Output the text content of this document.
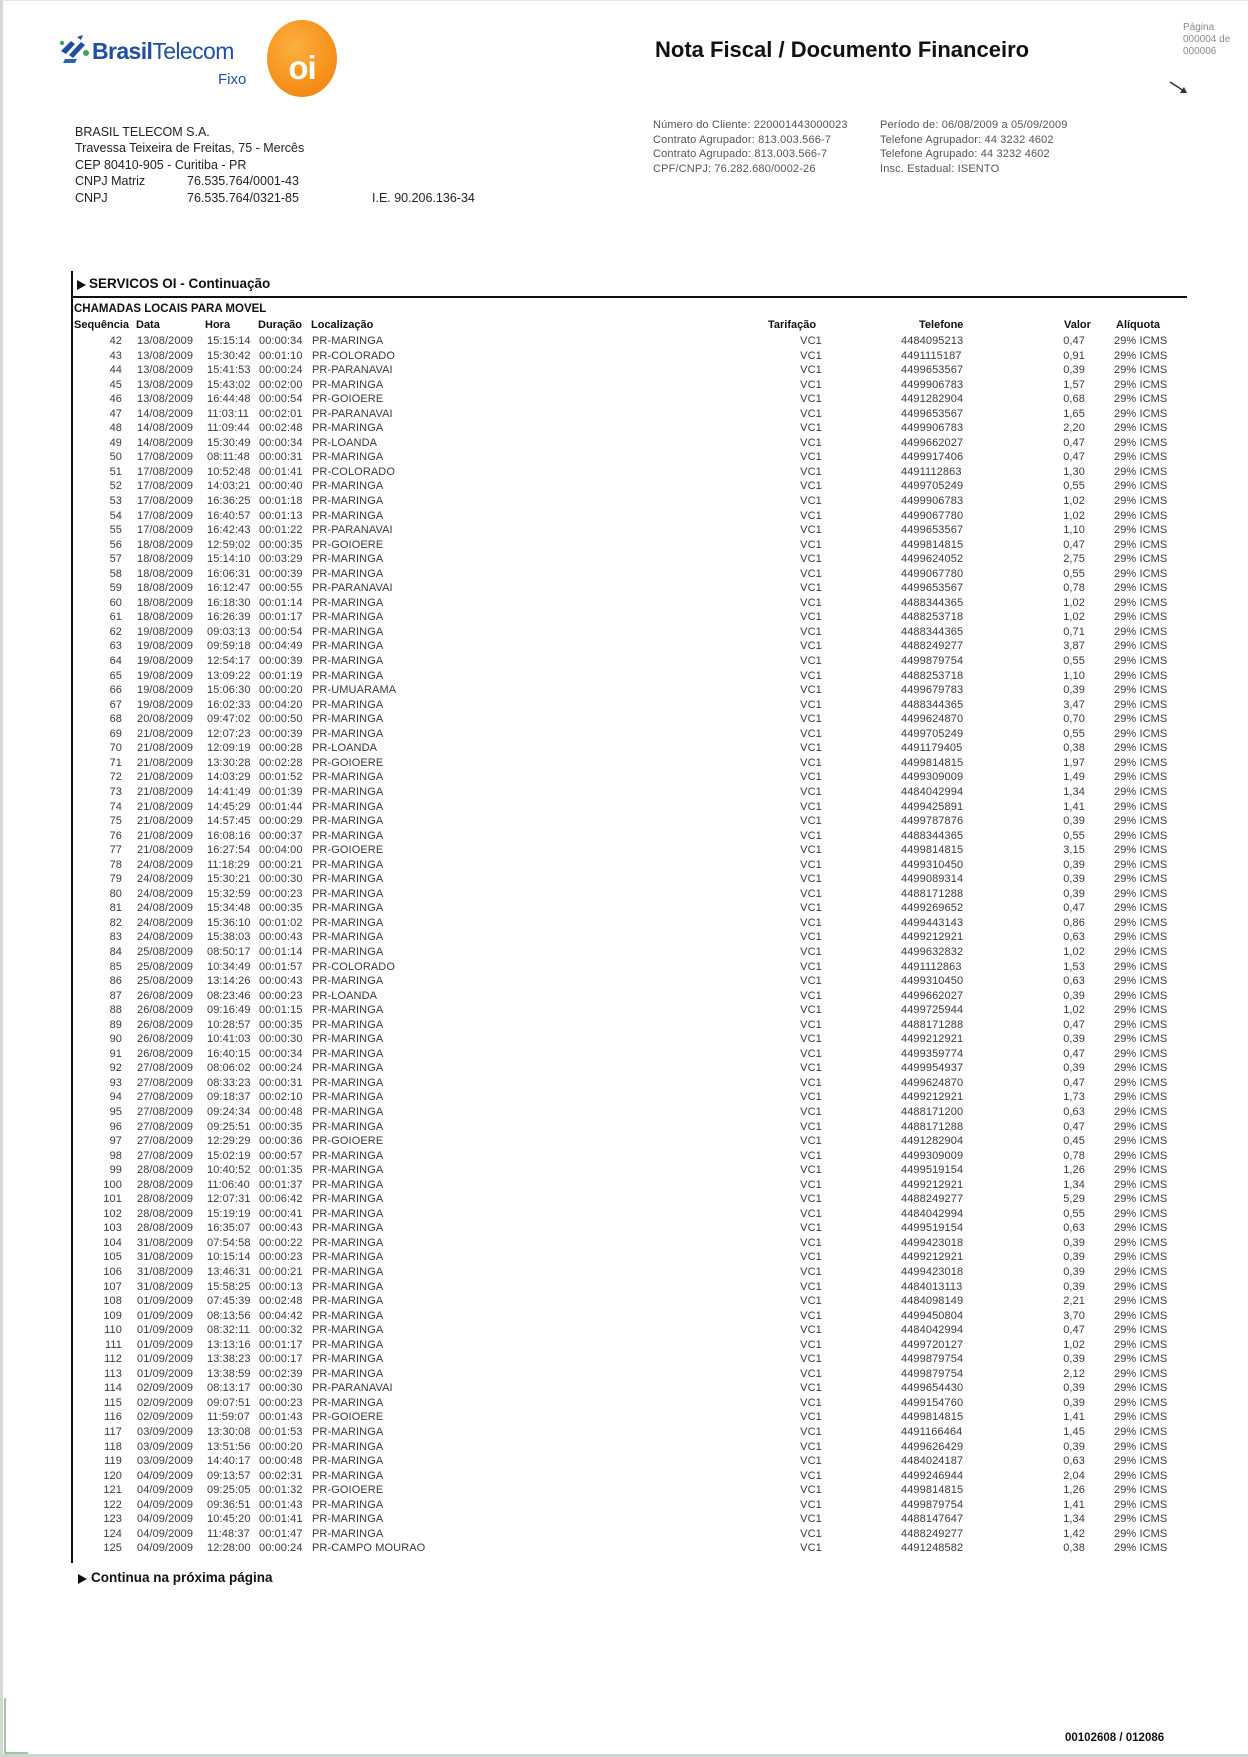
BrasilTelecom
Fixo	oi	Nota Fiscal / Documento Financeiro
Página
000004 de
000006
BRASIL TELECOM S.A.
Travessa Teixeira de Freitas, 75 - Mercês
CEP 80410-905 - Curitiba - PR
CNPJ Matriz	76.535.764/0001-43
CNPJ	76.535.764/0321-85	I.E. 90.206.136-34
Número do Cliente: 220001443000023
Contrato Agrupador: 813.003.566-7
Contrato Agrupado: 813.003.566-7
CPF/CNPJ: 76.282.680/0002-26
Período de: 06/08/2009 a 05/09/2009
Telefone Agrupador: 44 3232 4602
Telefone Agrupado: 44 3232 4602
Insc. Estadual: ISENTO
SERVICOS OI - Continuação
CHAMADAS LOCAIS PARA MOVEL
Sequência Data	Hora	Duração Localização	Tarifação	Telefone	Valor Alíquota
42 13/08/2009 15:15:14 00:00:34 PR-MARINGA	VC1	4484095213	0,47	29% ICMS
43 13/08/2009 15:30:42 00:01:10 PR-COLORADO	VC1	4491115187	0,91	29% ICMS
44 13/08/2009 15:41:53 00:00:24 PR-PARANAVAI	VC1	4499653567	0,39	29% ICMS
45 13/08/2009 15:43:02 00:02:00 PR-MARINGA	VC1	4499906783	1,57	29% ICMS
46 13/08/2009 16:44:48 00:00:54 PR-GOIOERE	VC1	4491282904	0,68	29% ICMS
47 14/08/2009 11:03:11 00:02:01 PR-PARANAVAI	VC1	4499653567	1,65	29% ICMS
48 14/08/2009 11:09:44 00:02:48 PR-MARINGA	VC1	4499906783	2,20	29% ICMS
49 14/08/2009 15:30:49 00:00:34 PR-LOANDA	VC1	4499662027	0,47	29% ICMS
50 17/08/2009 08:11:48 00:00:31 PR-MARINGA	VC1	4499917406	0,47	29% ICMS
51 17/08/2009 10:52:48 00:01:41 PR-COLORADO	VC1	4491112863	1,30	29% ICMS
52 17/08/2009 14:03:21 00:00:40 PR-MARINGA	VC1	4499705249	0,55	29% ICMS
53 17/08/2009 16:36:25 00:01:18 PR-MARINGA	VC1	4499906783	1,02	29% ICMS
54 17/08/2009 16:40:57 00:01:13 PR-MARINGA	VC1	4499067780	1,02	29% ICMS
55 17/08/2009 16:42:43 00:01:22 PR-PARANAVAI	VC1	4499653567	1,10	29% ICMS
56 18/08/2009 12:59:02 00:00:35 PR-GOIOERE	VC1	4499814815	0,47	29% ICMS
57 18/08/2009 15:14:10 00:03:29 PR-MARINGA	VC1	4499624052	2,75	29% ICMS
58 18/08/2009 16:06:31 00:00:39 PR-MARINGA	VC1	4499067780	0,55	29% ICMS
59 18/08/2009 16:12:47 00:00:55 PR-PARANAVAI	VC1	4499653567	0,78	29% ICMS
60 18/08/2009 16:18:30 00:01:14 PR-MARINGA	VC1	4488344365	1,02	29% ICMS
61 18/08/2009 16:26:39 00:01:17 PR-MARINGA	VC1	4488253718	1,02	29% ICMS
62 19/08/2009 09:03:13 00:00:54 PR-MARINGA	VC1	4488344365	0,71	29% ICMS
63 19/08/2009 09:59:18 00:04:49 PR-MARINGA	VC1	4488249277	3,87	29% ICMS
64 19/08/2009 12:54:17 00:00:39 PR-MARINGA	VC1	4499879754	0,55	29% ICMS
65 19/08/2009 13:09:22 00:01:19 PR-MARINGA	VC1	4488253718	1,10	29% ICMS
66 19/08/2009 15:06:30 00:00:20 PR-UMUARAMA	VC1	4499679783	0,39	29% ICMS
67 19/08/2009 16:02:33 00:04:20 PR-MARINGA	VC1	4488344365	3,47	29% ICMS
68 20/08/2009 09:47:02 00:00:50 PR-MARINGA	VC1	4499624870	0,70	29% ICMS
69 21/08/2009 12:07:23 00:00:39 PR-MARINGA	VC1	4499705249	0,55	29% ICMS
70 21/08/2009 12:09:19 00:00:28 PR-LOANDA	VC1	4491179405	0,38	29% ICMS
71 21/08/2009 13:30:28 00:02:28 PR-GOIOERE	VC1	4499814815	1,97	29% ICMS
72 21/08/2009 14:03:29 00:01:52 PR-MARINGA	VC1	4499309009	1,49	29% ICMS
73 21/08/2009 14:41:49 00:01:39 PR-MARINGA	VC1	4484042994	1,34	29% ICMS
74 21/08/2009 14:45:29 00:01:44 PR-MARINGA	VC1	4499425891	1,41	29% ICMS
75 21/08/2009 14:57:45 00:00:29 PR-MARINGA	VC1	4499787876	0,39	29% ICMS
76 21/08/2009 16:08:16 00:00:37 PR-MARINGA	VC1	4488344365	0,55	29% ICMS
77 21/08/2009 16:27:54 00:04:00 PR-GOIOERE	VC1	4499814815	3,15	29% ICMS
78 24/08/2009 11:18:29 00:00:21 PR-MARINGA	VC1	4499310450	0,39	29% ICMS
79 24/08/2009 15:30:21 00:00:30 PR-MARINGA	VC1	4499089314	0,39	29% ICMS
80 24/08/2009 15:32:59 00:00:23 PR-MARINGA	VC1	4488171288	0,39	29% ICMS
81 24/08/2009 15:34:48 00:00:35 PR-MARINGA	VC1	4499269652	0,47	29% ICMS
82 24/08/2009 15:36:10 00:01:02 PR-MARINGA	VC1	4499443143	0,86	29% ICMS
83 24/08/2009 15:38:03 00:00:43 PR-MARINGA	VC1	4499212921	0,63	29% ICMS
84 25/08/2009 08:50:17 00:01:14 PR-MARINGA	VC1	4499632832	1,02	29% ICMS
85 25/08/2009 10:34:49 00:01:57 PR-COLORADO	VC1	4491112863	1,53	29% ICMS
86 25/08/2009 13:14:26 00:00:43 PR-MARINGA	VC1	4499310450	0,63	29% ICMS
87 26/08/2009 08:23:46 00:00:23 PR-LOANDA	VC1	4499662027	0,39	29% ICMS
88 26/08/2009 09:16:49 00:01:15 PR-MARINGA	VC1	4499725944	1,02	29% ICMS
89 26/08/2009 10:28:57 00:00:35 PR-MARINGA	VC1	4488171288	0,47	29% ICMS
90 26/08/2009 10:41:03 00:00:30 PR-MARINGA	VC1	4499212921	0,39	29% ICMS
91 26/08/2009 16:40:15 00:00:34 PR-MARINGA	VC1	4499359774	0,47	29% ICMS
92 27/08/2009 08:06:02 00:00:24 PR-MARINGA	VC1	4499954937	0,39	29% ICMS
93 27/08/2009 08:33:23 00:00:31 PR-MARINGA	VC1	4499624870	0,47	29% ICMS
94 27/08/2009 09:18:37 00:02:10 PR-MARINGA	VC1	4499212921	1,73	29% ICMS
95 27/08/2009 09:24:34 00:00:48 PR-MARINGA	VC1	4488171200	0,63	29% ICMS
96 27/08/2009 09:25:51 00:00:35 PR-MARINGA	VC1	4488171288	0,47	29% ICMS
97 27/08/2009 12:29:29 00:00:36 PR-GOIOERE	VC1	4491282904	0,45	29% ICMS
98 27/08/2009 15:02:19 00:00:57 PR-MARINGA	VC1	4499309009	0,78	29% ICMS
99 28/08/2009 10:40:52 00:01:35 PR-MARINGA	VC1	4499519154	1,26	29% ICMS
100 28/08/2009 11:06:40 00:01:37 PR-MARINGA	VC1	4499212921	1,34	29% ICMS
101 28/08/2009 12:07:31 00:06:42 PR-MARINGA	VC1	4488249277	5,29	29% ICMS
102 28/08/2009 15:19:19 00:00:41 PR-MARINGA	VC1	4484042994	0,55	29% ICMS
103 28/08/2009 16:35:07 00:00:43 PR-MARINGA	VC1	4499519154	0,63	29% ICMS
104 31/08/2009 07:54:58 00:00:22 PR-MARINGA	VC1	4499423018	0,39	29% ICMS
105 31/08/2009 10:15:14 00:00:23 PR-MARINGA	VC1	4499212921	0,39	29% ICMS
106 31/08/2009 13:46:31 00:00:21 PR-MARINGA	VC1	4499423018	0,39	29% ICMS
107 31/08/2009 15:58:25 00:00:13 PR-MARINGA	VC1	4484013113	0,39	29% ICMS
108 01/09/2009 07:45:39 00:02:48 PR-MARINGA	VC1	4484098149	2,21	29% ICMS
109 01/09/2009 08:13:56 00:04:42 PR-MARINGA	VC1	4499450804	3,70	29% ICMS
110 01/09/2009 08:32:11 00:00:32 PR-MARINGA	VC1	4484042994	0,47	29% ICMS
111 01/09/2009 13:13:16 00:01:17 PR-MARINGA	VC1	4499720127	1,02	29% ICMS
112 01/09/2009 13:38:23 00:00:17 PR-MARINGA	VC1	4499879754	0,39	29% ICMS
113 01/09/2009 13:38:59 00:02:39 PR-MARINGA	VC1	4499879754	2,12	29% ICMS
114 02/09/2009 08:13:17 00:00:30 PR-PARANAVAI	VC1	4499654430	0,39	29% ICMS
115 02/09/2009 09:07:51 00:00:23 PR-MARINGA	VC1	4499154760	0,39	29% ICMS
116 02/09/2009 11:59:07 00:01:43 PR-GOIOERE	VC1	4499814815	1,41	29% ICMS
117 03/09/2009 13:30:08 00:01:53 PR-MARINGA	VC1	4491166464	1,45	29% ICMS
118 03/09/2009 13:51:56 00:00:20 PR-MARINGA	VC1	4499626429	0,39	29% ICMS
119 03/09/2009 14:40:17 00:00:48 PR-MARINGA	VC1	4484024187	0,63	29% ICMS
120 04/09/2009 09:13:57 00:02:31 PR-MARINGA	VC1	4499246944	2,04	29% ICMS
121 04/09/2009 09:25:05 00:01:32 PR-GOIOERE	VC1	4499814815	1,26	29% ICMS
122 04/09/2009 09:36:51 00:01:43 PR-MARINGA	VC1	4499879754	1,41	29% ICMS
123 04/09/2009 10:45:20 00:01:41 PR-MARINGA	VC1	4488147647	1,34	29% ICMS
124 04/09/2009 11:48:37 00:01:47 PR-MARINGA	VC1	4488249277	1,42	29% ICMS
125 04/09/2009 12:28:00 00:00:24 PR-CAMPO MOURAO	VC1	4491248582	0,38	29% ICMS
Continua na próxima página
00102608 / 012086
